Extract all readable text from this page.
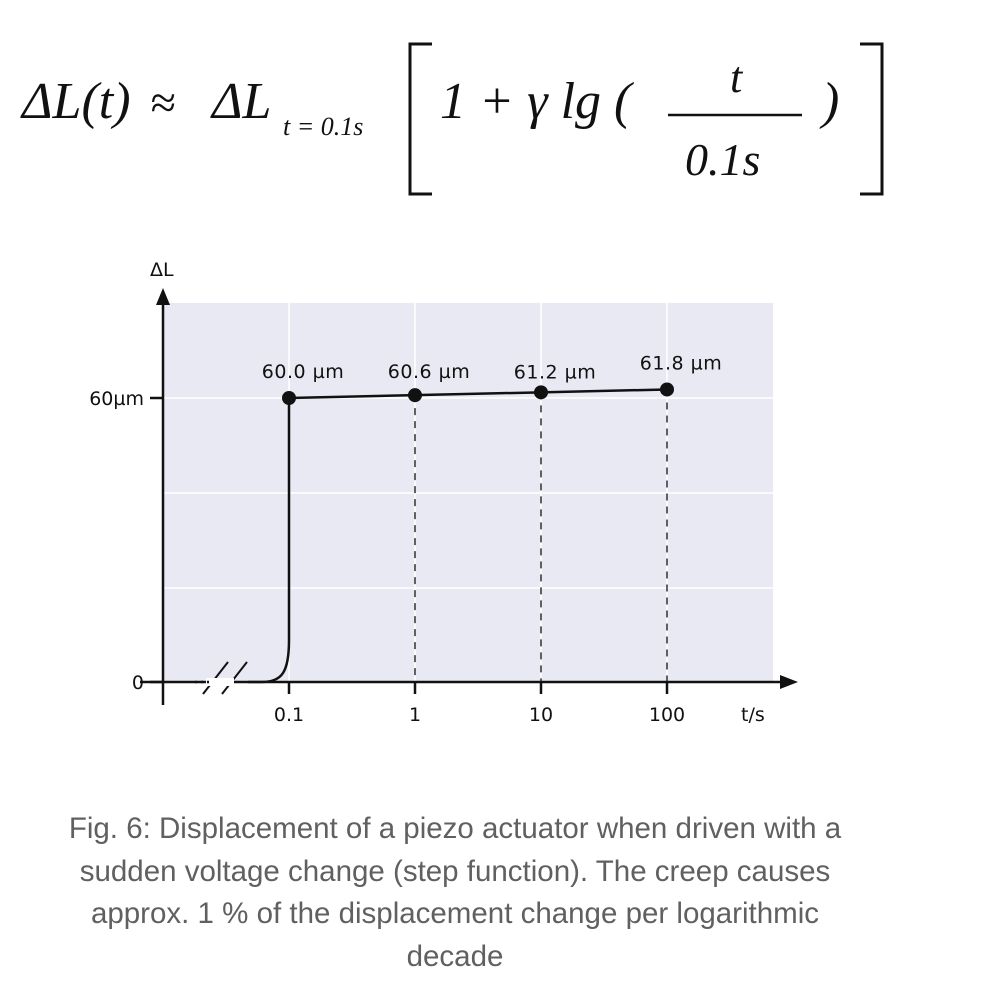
ΔL(t) ≈ ΔL t = 0.1s 1 + γ lg ( t
0.1s
)
0
60µm
0.1	1	10	100
ΔL
t/s
60.0 µm 60.6 µm 61.2 µm 61.8 µm

Fig. 6: Displacement of a piezo actuator when driven with a sudden voltage change (step function). The creep causes approx. 1 % of the displacement change per logarithmic decade
